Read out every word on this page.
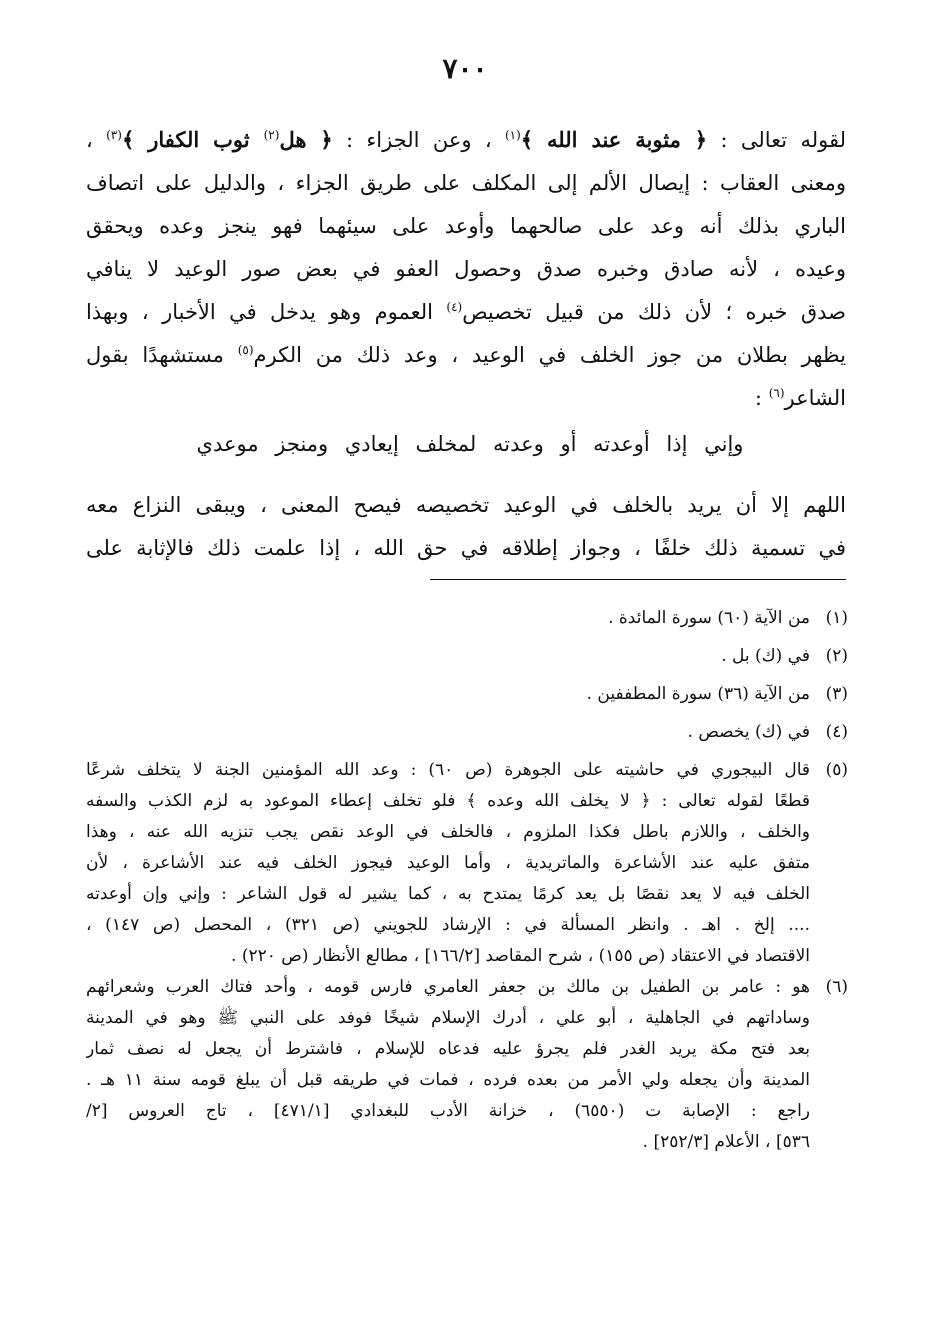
٧٠٠
لقوله تعالى : ﴿ مثوبة عند الله ﴾$^{(١)}$ ، وعن الجزاء : ﴿ هل$^{(٢)}$ ثوب الكفار ﴾$^{(٣)}$ ،
ومعنى العقاب : إيصال الألم إلى المكلف على طريق الجزاء ، والدليل على اتصاف
الباري بذلك أنه وعد على صالحهما وأوعد على سيئهما فهو ينجز وعده ويحقق
وعيده ، لأنه صادق وخبره صدق وحصول العفو في بعض صور الوعيد لا ينافي
صدق خبره ؛ لأن ذلك من قبيل تخصيص$^{(٤)}$ العموم وهو يدخل في الأخبار ، وبهذا
يظهر بطلان من جوز الخلف في الوعيد ، وعد ذلك من الكرم$^{(٥)}$ مستشهدًا بقول
الشاعر$^{(٦)}$ :
وإني إذا أوعدته أو وعدته لمخلف إيعادي ومنجز موعدي
اللهم إلا أن يريد بالخلف في الوعيد تخصيصه فيصح المعنى ، ويبقى النزاع معه
في تسمية ذلك خلفًا ، وجواز إطلاقه في حق الله ، إذا علمت ذلك فالإثابة على
(١)
من الآية (٦٠) سورة المائدة .
(٢)
في (ك) بل .
(٣)
من الآية (٣٦) سورة المطففين .
(٤)
في (ك) يخصص .
(٥)
قال البيجوري في حاشيته على الجوهرة (ص ٦٠) : وعد الله المؤمنين الجنة لا يتخلف شرعًا
قطعًا لقوله تعالى : ﴿ لا يخلف الله وعده ﴾ فلو تخلف إعطاء الموعود به لزم الكذب والسفه
والخلف ، واللازم باطل فكذا الملزوم ، فالخلف في الوعد نقص يجب تنزيه الله عنه ، وهذا
متفق عليه عند الأشاعرة والماتريدية ، وأما الوعيد فيجوز الخلف فيه عند الأشاعرة ، لأن
الخلف فيه لا يعد نقصًا بل يعد كرمًا يمتدح به ، كما يشير له قول الشاعر : وإني وإن أوعدته
.... إلخ . اهـ . وانظر المسألة في : الإرشاد للجويني (ص ٣٢١) ، المحصل (ص ١٤٧) ،
الاقتصاد في الاعتقاد (ص ١٥٥) ، شرح المقاصد [١٦٦/٢] ، مطالع الأنظار (ص ٢٢٠) .
(٦)
هو : عامر بن الطفيل بن مالك بن جعفر العامري فارس قومه ، وأحد فتاك العرب وشعرائهم
وساداتهم في الجاهلية ، أبو علي ، أدرك الإسلام شيخًا فوفد على النبي ﷺ وهو في المدينة
بعد فتح مكة يريد الغدر فلم يجرؤ عليه فدعاه للإسلام ، فاشترط أن يجعل له نصف ثمار
المدينة وأن يجعله ولي الأمر من بعده فرده ، فمات في طريقه قبل أن يبلغ قومه سنة ١١ هـ .
راجع : الإصابة ت (٦٥٥٠) ، خزانة الأدب للبغدادي [٤٧١/١] ، تاج العروس [٢/
٥٣٦] ، الأعلام [٢٥٢/٣] .
